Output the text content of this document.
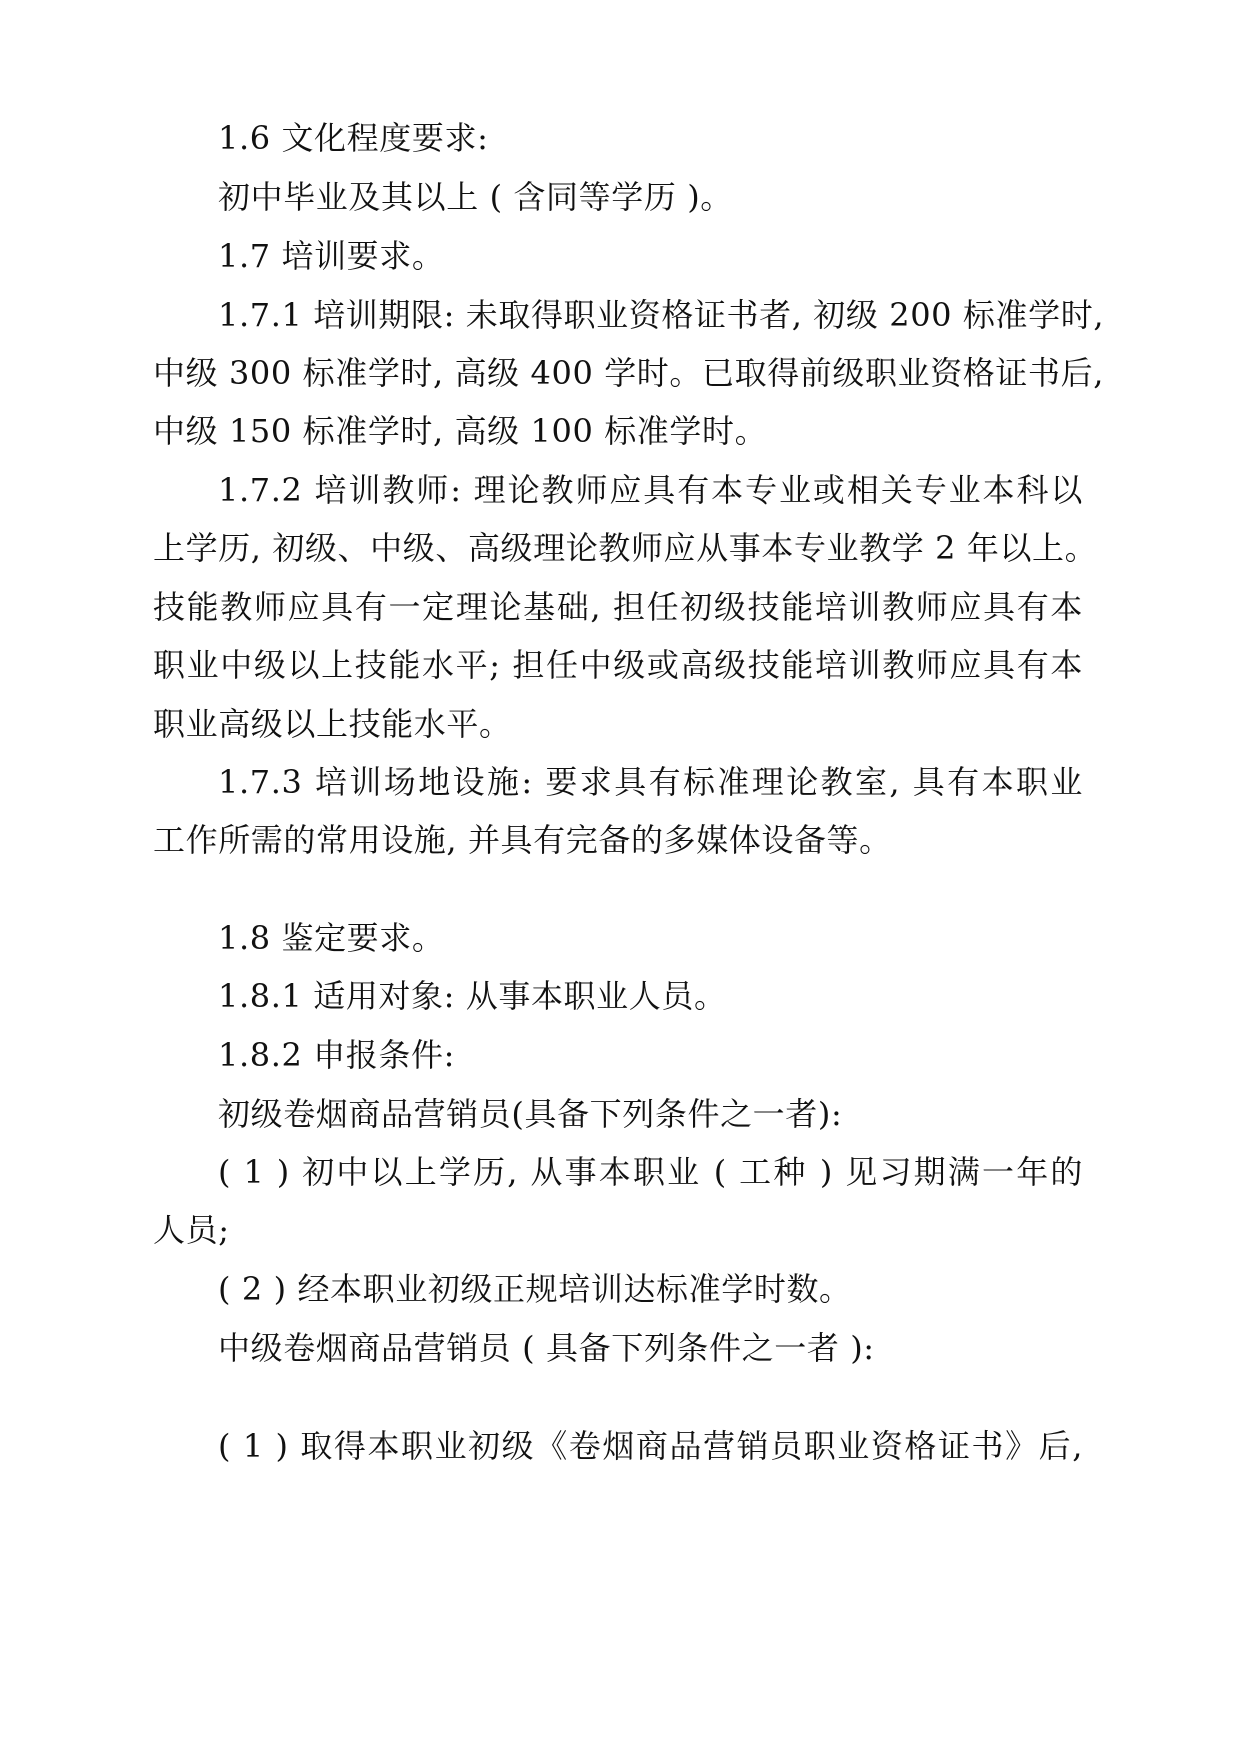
1.6 文化程度要求:
初中毕业及其以上 ( 含同等学历 )。
1.7 培训要求。
1.7.1 培训期限: 未取得职业资格证书者, 初级 200 标准学时,
中级 300 标准学时, 高级 400 学时。已取得前级职业资格证书后,
中级 150 标准学时, 高级 100 标准学时。
1.7.2 培训教师: 理论教师应具有本专业或相关专业本科以
上学历, 初级、中级、高级理论教师应从事本专业教学 2 年以上。
技能教师应具有一定理论基础, 担任初级技能培训教师应具有本
职业中级以上技能水平; 担任中级或高级技能培训教师应具有本
职业高级以上技能水平。
1.7.3 培训场地设施: 要求具有标准理论教室, 具有本职业
工作所需的常用设施, 并具有完备的多媒体设备等。
1.8 鉴定要求。
1.8.1 适用对象: 从事本职业人员。
1.8.2 申报条件:
初级卷烟商品营销员(具备下列条件之一者):
( 1 ) 初中以上学历, 从事本职业 ( 工种 ) 见习期满一年的
人员;
( 2 ) 经本职业初级正规培训达标准学时数。
中级卷烟商品营销员 ( 具备下列条件之一者 ):
( 1 ) 取得本职业初级《卷烟商品营销员职业资格证书》后,
